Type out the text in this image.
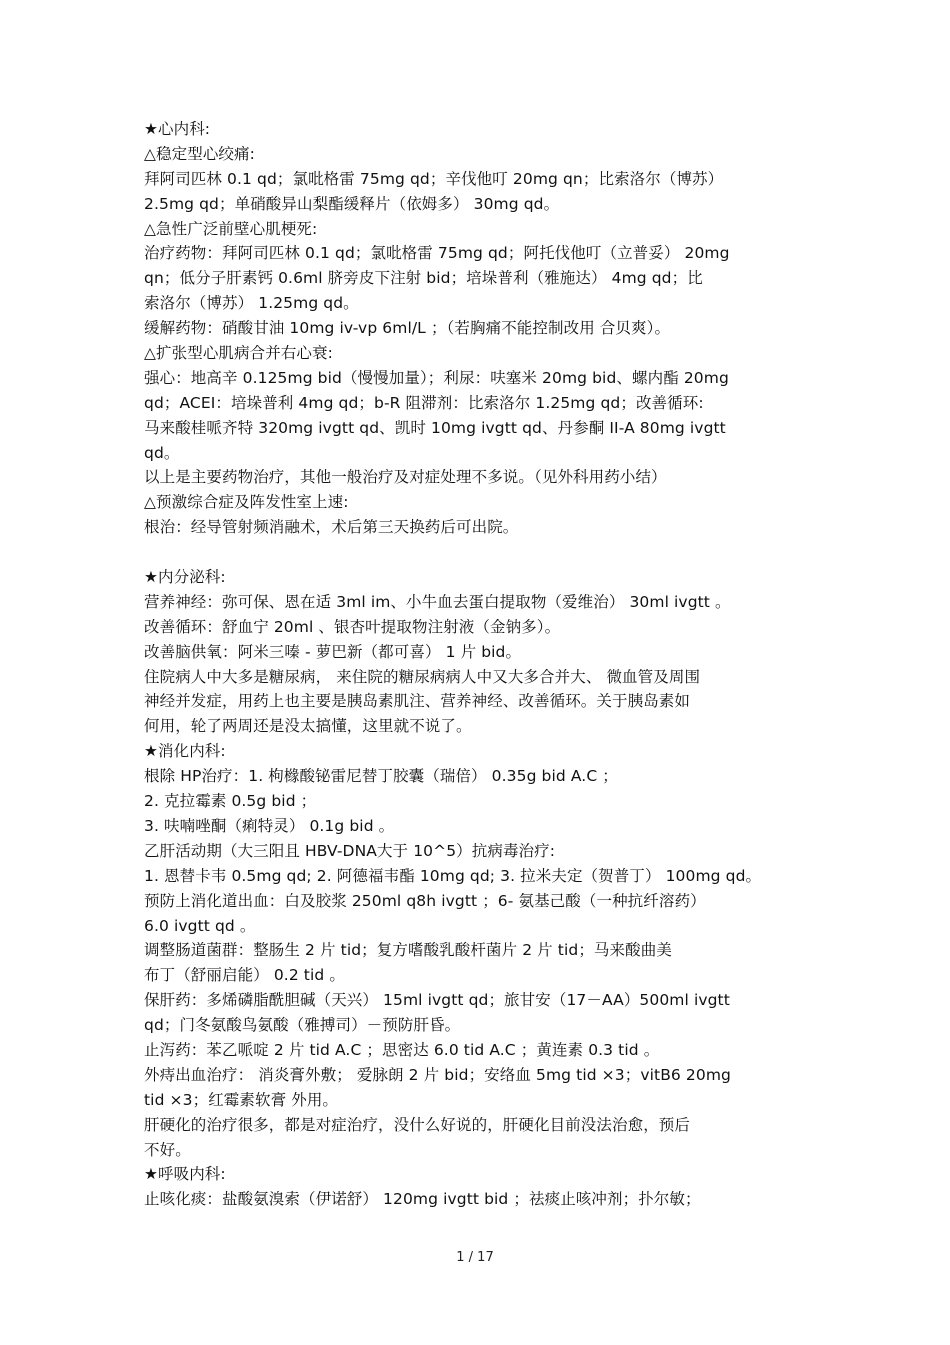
★心内科:
△稳定型心绞痛:
拜阿司匹林 0.1 qd；氯吡格雷 75mg qd；辛伐他叮 20mg qn；比索洛尔（博苏）
2.5mg qd；单硝酸异山梨酯缓释片（依姆多） 30mg qd。
△急性广泛前壁心肌梗死:
治疗药物：拜阿司匹林 0.1 qd；氯吡格雷 75mg qd；阿托伐他叮（立普妥） 20mg
qn；低分子肝素钙 0.6ml 脐旁皮下注射 bid；培垛普利（雅施达） 4mg qd；比
索洛尔（博苏） 1.25mg qd。
缓解药物：硝酸甘油 10mg iv-vp 6ml/L ；（若胸痛不能控制改用 合贝爽）。
△扩张型心肌病合并右心衰:
强心：地高辛 0.125mg bid（慢慢加量）；利尿：呋塞米 20mg bid、螺内酯 20mg
qd；ACEI：培垛普利 4mg qd；b-R 阻滞剂：比索洛尔 1.25mg qd；改善循环:
马来酸桂哌齐特 320mg ivgtt qd、凯时 10mg ivgtt qd、丹参酮 II-A 80mg ivgtt
qd。
以上是主要药物治疗，其他一般治疗及对症处理不多说。（见外科用药小结）
△预激综合症及阵发性室上速:
根治：经导管射频消融术，术后第三天换药后可出院。
★内分泌科:
营养神经：弥可保、恩在适 3ml im、小牛血去蛋白提取物（爱维治） 30ml ivgtt 。
改善循环：舒血宁 20ml 、银杏叶提取物注射液（金钠多）。
改善脑供氧：阿米三嗪 - 萝巴新（都可喜） 1 片 bid。
住院病人中大多是糖尿病， 来住院的糖尿病病人中又大多合并大、 微血管及周围
神经并发症，用药上也主要是胰岛素肌注、营养神经、改善循环。关于胰岛素如
何用，轮了两周还是没太搞懂，这里就不说了。
★消化内科:
根除 HP治疗：1. 枸橼酸铋雷尼替丁胶囊（瑞倍） 0.35g bid A.C ；
2. 克拉霉素 0.5g bid ；
3. 呋喃唑酮（痢特灵） 0.1g bid 。
乙肝活动期（大三阳且 HBV-DNA大于 10^5）抗病毒治疗:
1. 恩替卡韦 0.5mg qd; 2. 阿德福韦酯 10mg qd; 3. 拉米夫定（贺普丁） 100mg qd。
预防上消化道出血：白及胶浆 250ml q8h ivgtt ；6- 氨基己酸（一种抗纤溶药）
6.0 ivgtt qd 。
调整肠道菌群：整肠生 2 片 tid；复方嗜酸乳酸杆菌片 2 片 tid；马来酸曲美
布丁（舒丽启能） 0.2 tid 。
保肝药：多烯磷脂酰胆碱（天兴） 15ml ivgtt qd；旅甘安（17－AA）500ml ivgtt
qd；门冬氨酸鸟氨酸（雅搏司）－预防肝昏。
止泻药：苯乙哌啶 2 片 tid A.C ；思密达 6.0 tid A.C ；黄连素 0.3 tid 。
外痔出血治疗： 消炎膏外敷； 爱脉朗 2 片 bid；安络血 5mg tid ×3；vitB6 20mg
tid ×3；红霉素软膏 外用。
肝硬化的治疗很多，都是对症治疗，没什么好说的，肝硬化目前没法治愈，预后
不好。
★呼吸内科:
止咳化痰：盐酸氨溴索（伊诺舒） 120mg ivgtt bid ；祛痰止咳冲剂；扑尔敏；
1 / 17
